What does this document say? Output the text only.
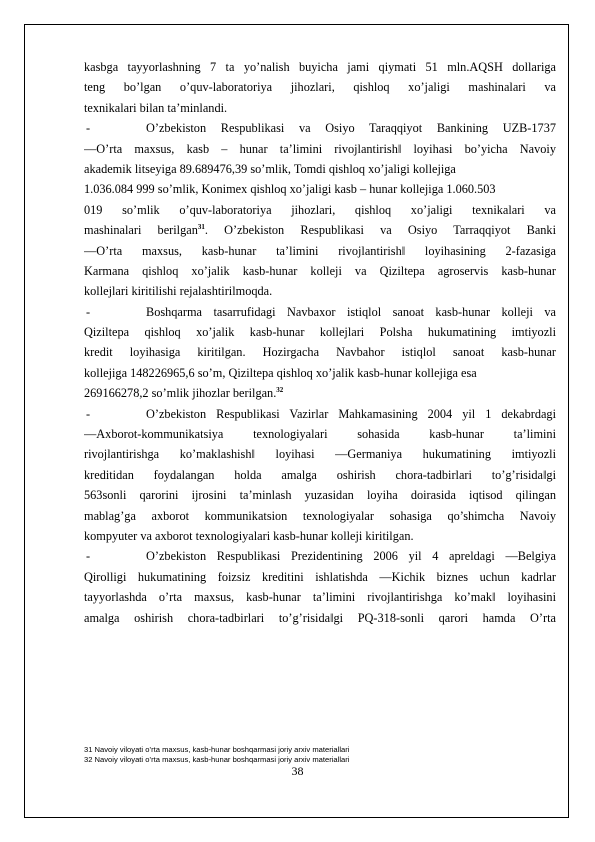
kasbga tayyorlashning 7 ta yo’nalish buyicha jami qiymati 51 mln.AQSH dollariga
teng bo’lgan o’quv-laboratoriya jihozlari, qishloq xo’jaligi mashinalari va
texnikalari bilan ta’minlandi.
-	O’zbekiston Respublikasi va Osiyo Taraqqiyot Bankining UZB-1737
―O’rta maxsus, kasb – hunar ta’limini rivojlantirish‖ loyihasi bo’yicha Navoiy
akademik litseyiga 89.689476,39 so’mlik, Tomdi qishloq xo’jaligi kollejiga
1.036.084 999 so’mlik, Konimex qishloq xo’jaligi kasb – hunar kollejiga 1.060.503
019 so’mlik o’quv-laboratoriya jihozlari, qishloq xo’jaligi texnikalari va
mashinalari berilgan$^{31}$. O’zbekiston Respublikasi va Osiyo Tarraqqiyot Banki
―O’rta maxsus, kasb-hunar ta’limini rivojlantirish‖ loyihasining 2-fazasiga
Karmana qishloq xo’jalik kasb-hunar kolleji va Qiziltepa agroservis kasb-hunar
kollejlari kiritilishi rejalashtirilmoqda.
-	Boshqarma tasarrufidagi Navbaxor istiqlol sanoat kasb-hunar kolleji va
Qiziltepa qishloq xo’jalik kasb-hunar kollejlari Polsha hukumatining imtiyozli
kredit loyihasiga kiritilgan. Hozirgacha Navbahor istiqlol sanoat kasb-hunar
kollejiga 148226965,6 so’m, Qiziltepa qishloq xo’jalik kasb-hunar kollejiga esa
269166278,2 so’mlik jihozlar berilgan.$^{32}$
-	O’zbekiston Respublikasi Vazirlar Mahkamasining 2004 yil 1 dekabrdagi
―Axborot-kommunikatsiya texnologiyalari sohasida kasb-hunar ta’limini
rivojlantirishga ko’maklashish‖ loyihasi ―Germaniya hukumatining imtiyozli
kreditidan foydalangan holda amalga oshirish chora-tadbirlari to’g’risida‖gi
563sonli qarorini ijrosini ta’minlash yuzasidan loyiha doirasida iqtisod qilingan
mablag’ga axborot kommunikatsion texnologiyalar sohasiga qo’shimcha Navoiy
kompyuter va axborot texnologiyalari kasb-hunar kolleji kiritilgan.
-	O’zbekiston Respublikasi Prezidentining 2006 yil 4 apreldagi ―Belgiya
Qirolligi hukumatining foizsiz kreditini ishlatishda ―Kichik biznes uchun kadrlar
tayyorlashda o’rta maxsus, kasb-hunar ta’limini rivojlantirishga ko’mak‖ loyihasini
amalga oshirish chora-tadbirlari to’g’risida‖gi PQ-318-sonli qarori hamda O’rta
31 Navoiy viloyati o’rta maxsus, kasb-hunar boshqarmasi joriy arxiv materiallari
32 Navoiy viloyati o’rta maxsus, kasb-hunar boshqarmasi joriy arxiv materiallari
38
